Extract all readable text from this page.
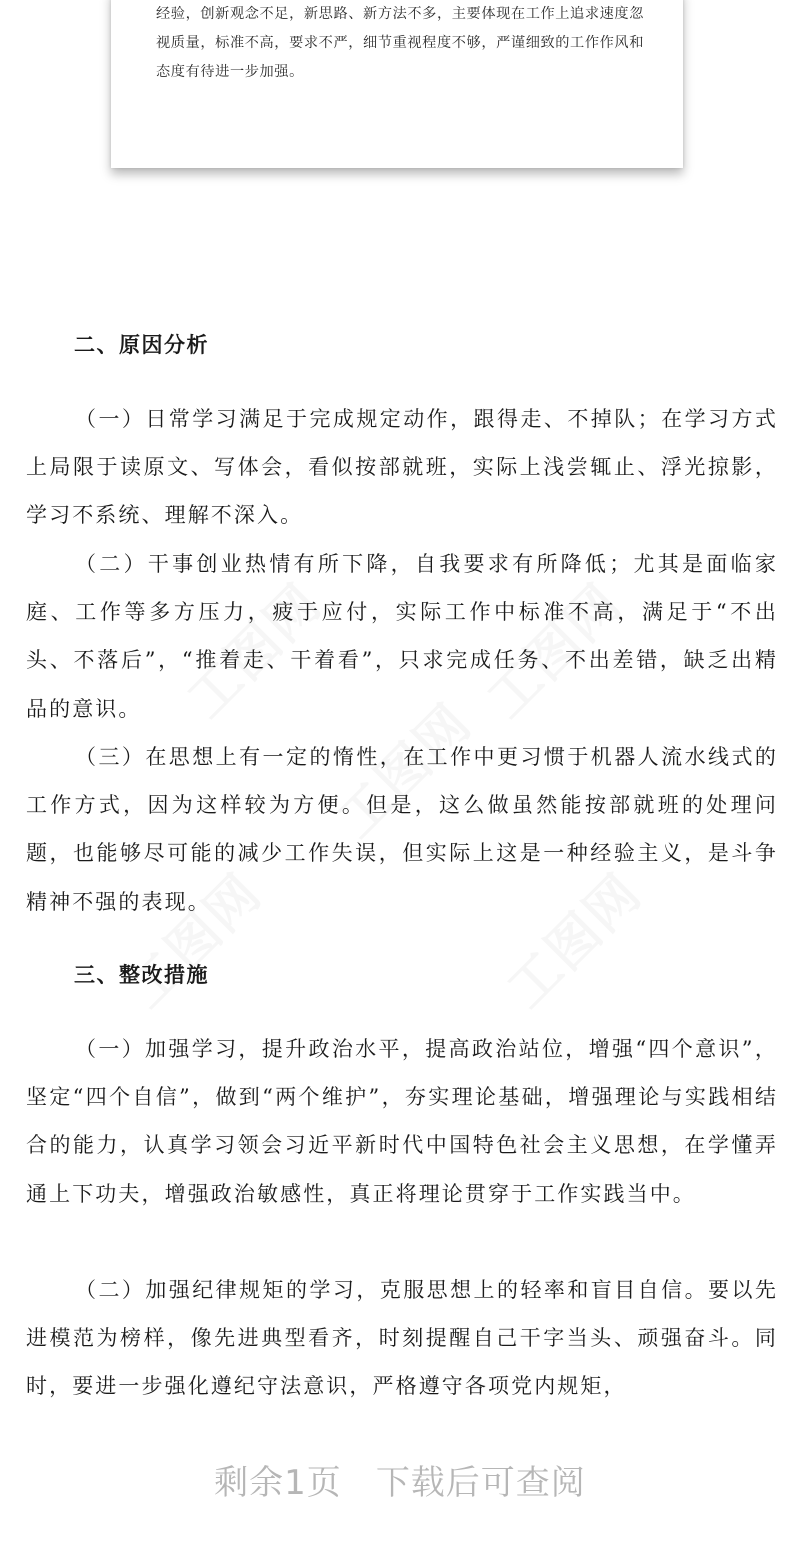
经验，创新观念不足，新思路、新方法不多，主要体现在工作上追求速度忽视质量，标准不高，要求不严，细节重视程度不够，严谨细致的工作作风和态度有待进一步加强。

二、原因分析

（一）日常学习满足于完成规定动作，跟得走、不掉队；在学习方式上局限于读原文、写体会，看似按部就班，实际上浅尝辄止、浮光掠影，学习不系统、理解不深入。

（二）干事创业热情有所下降，自我要求有所降低；尤其是面临家庭、工作等多方压力，疲于应付，实际工作中标准不高，满足于“不出头、不落后”，“推着走、干着看”，只求完成任务、不出差错，缺乏出精品的意识。

（三）在思想上有一定的惰性，在工作中更习惯于机器人流水线式的工作方式，因为这样较为方便。但是，这么做虽然能按部就班的处理问题，也能够尽可能的减少工作失误，但实际上这是一种经验主义，是斗争精神不强的表现。

三、整改措施

（一）加强学习，提升政治水平，提高政治站位，增强“四个意识”，坚定“四个自信”，做到“两个维护”，夯实理论基础，增强理论与实践相结合的能力，认真学习领会习近平新时代中国特色社会主义思想，在学懂弄通上下功夫，增强政治敏感性，真正将理论贯穿于工作实践当中。

（二）加强纪律规矩的学习，克服思想上的轻率和盲目自信。要以先进模范为榜样，像先进典型看齐，时刻提醒自己干字当头、顽强奋斗。同时，要进一步强化遵纪守法意识，严格遵守各项党内规矩，

剩余1页 下载后可查阅
